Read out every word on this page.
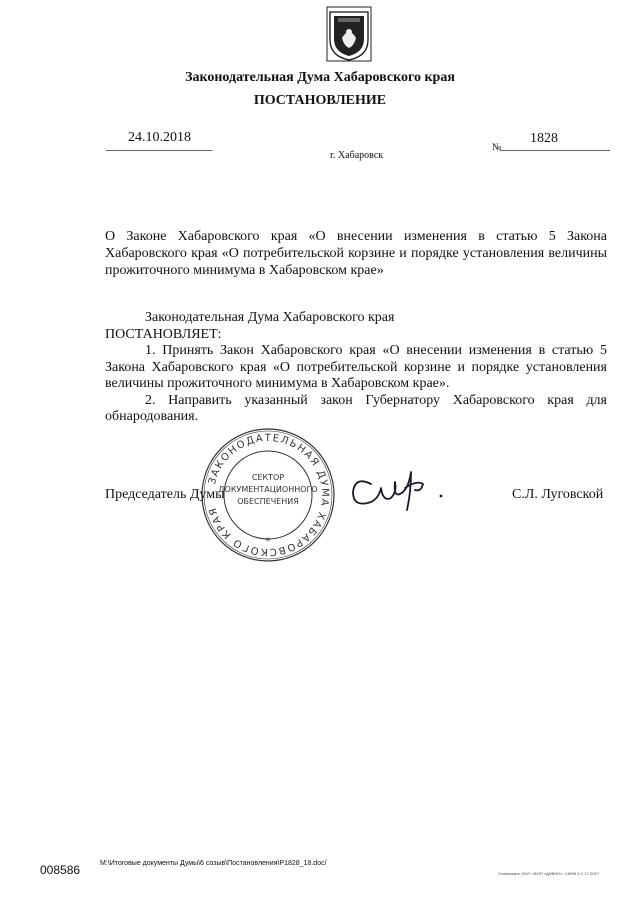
Законодательная Дума Хабаровского края
ПОСТАНОВЛЕНИЕ
24.10.2018
г. Хабаровск
№
1828
О Законе Хабаровского края «О внесении изменения в статью 5 Закона Хабаровского края «О потребительской корзине и порядке установления величины прожиточного минимума в Хабаровском крае»

Законодательная Дума Хабаровского края

ПОСТАНОВЛЯЕТ:

1. Принять Закон Хабаровского края «О внесении изменения в статью 5 Закона Хабаровского края «О потребительской корзине и порядке установления величины прожиточного минимума в Хабаровском крае».

2. Направить указанный закон Губернатору Хабаровского края для обнародования.

ЗАКОНОДАТЕЛЬНАЯ ДУМА ХАБАРОВСКОГО КРАЯ
СЕКТОР
ДОКУМЕНТАЦИОННОГО
ОБЕСПЕЧЕНИЯ
*
Председатель Думы	С.Л. Луговской
008586	M:\Итоговые документы Думы\6 созыв\Постановления\P1828_18.doc/
Отпечатано ООО «ФОП «ДИВОН», т.3998 3 С 17.2017
